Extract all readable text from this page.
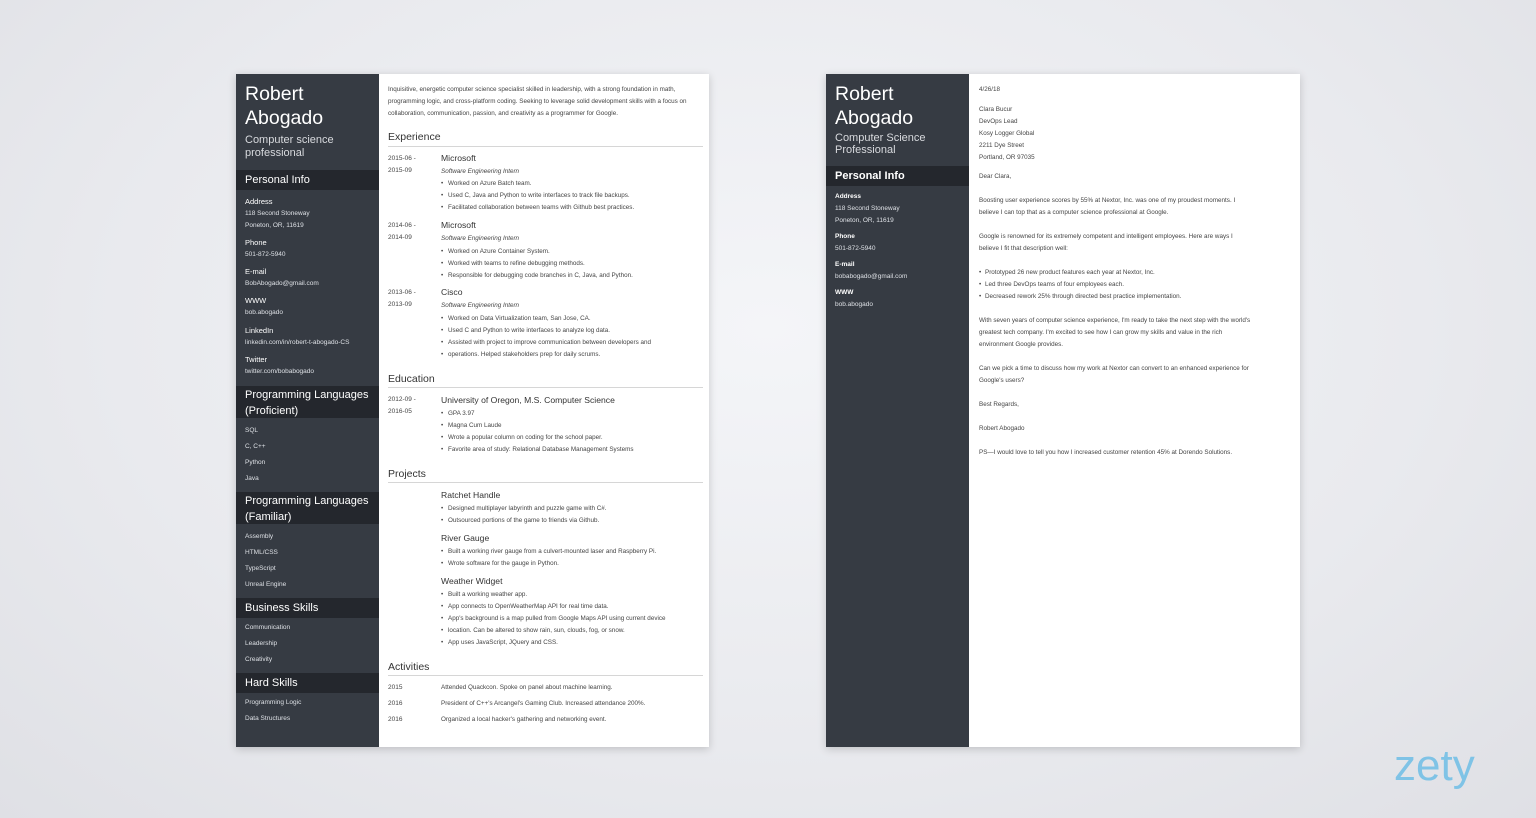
Robert
Abogado
Computer science
professional
Personal Info
Address
118 Second Stoneway
Poneton, OR, 11619
Phone
501-872-5940
E-mail
BobAbogado@gmail.com
WWW
bob.abogado
LinkedIn
linkedin.com/in/robert-t-abogado-CS
Twitter
twitter.com/bobabogado
Programming Languages
(Proficient)
SQL
C, C++
Python
Java
Programming Languages
(Familiar)
Assembly
HTML/CSS
TypeScript
Unreal Engine
Business Skills
Communication
Leadership
Creativity
Hard Skills
Programming Logic
Data Structures
Inquisitive, energetic computer science specialist skilled in leadership, with a strong foundation in math, programming logic, and cross-platform coding. Seeking to leverage solid development skills with a focus on collaboration, communication, passion, and creativity as a programmer for Google.
Experience
2015-06 -
2015-09
Microsoft
Software Engineering Intern
• Worked on Azure Batch team.
• Used C, Java and Python to write interfaces to track file backups.
• Facilitated collaboration between teams with Github best practices.
2014-06 -
2014-09
Microsoft
Software Engineering Intern
• Worked on Azure Container System.
• Worked with teams to refine debugging methods.
• Responsible for debugging code branches in C, Java, and Python.
2013-06 -
2013-09
Cisco
Software Engineering Intern
• Worked on Data Virtualization team, San Jose, CA.
• Used C and Python to write interfaces to analyze log data.
• Assisted with project to improve communication between developers and
• operations. Helped stakeholders prep for daily scrums.
Education
2012-09 -
2016-05
University of Oregon, M.S. Computer Science
• GPA 3.97
• Magna Cum Laude
• Wrote a popular column on coding for the school paper.
• Favorite area of study: Relational Database Management Systems
Projects
Ratchet Handle
• Designed multiplayer labyrinth and puzzle game with C#.
• Outsourced portions of the game to friends via Github.
River Gauge
• Built a working river gauge from a culvert-mounted laser and Raspberry Pi.
• Wrote software for the gauge in Python.
Weather Widget
• Built a working weather app.
• App connects to OpenWeatherMap API for real time data.
• App's background is a map pulled from Google Maps API using current device
• location. Can be altered to show rain, sun, clouds, fog, or snow.
• App uses JavaScript, JQuery and CSS.
Activities
2015	Attended Quackcon. Spoke on panel about machine learning.
2016	President of C++'s Arcangel's Gaming Club. Increased attendance 200%.
2016	Organized a local hacker's gathering and networking event.
Robert
Abogado
Computer Science
Professional
Personal Info
Address
118 Second Stoneway
Poneton, OR, 11619
Phone
501-872-5940
E-mail
bobabogado@gmail.com
WWW
bob.abogado
4/26/18
Clara Bucur
DevOps Lead
Kosy Logger Global
2211 Dye Street
Portland, OR 97035
Dear Clara,
Boosting user experience scores by 55% at Nextor, Inc. was one of my proudest moments. I
believe I can top that as a computer science professional at Google.
Google is renowned for its extremely competent and intelligent employees. Here are ways I
believe I fit that description well:
• Prototyped 26 new product features each year at Nextor, Inc.
• Led three DevOps teams of four employees each.
• Decreased rework 25% through directed best practice implementation.
With seven years of computer science experience, I'm ready to take the next step with the world's
greatest tech company. I'm excited to see how I can grow my skills and value in the rich
environment Google provides.
Can we pick a time to discuss how my work at Nextor can convert to an enhanced experience for
Google's users?
Best Regards,
Robert Abogado
PS—I would love to tell you how I increased customer retention 45% at Dorendo Solutions.
zety
